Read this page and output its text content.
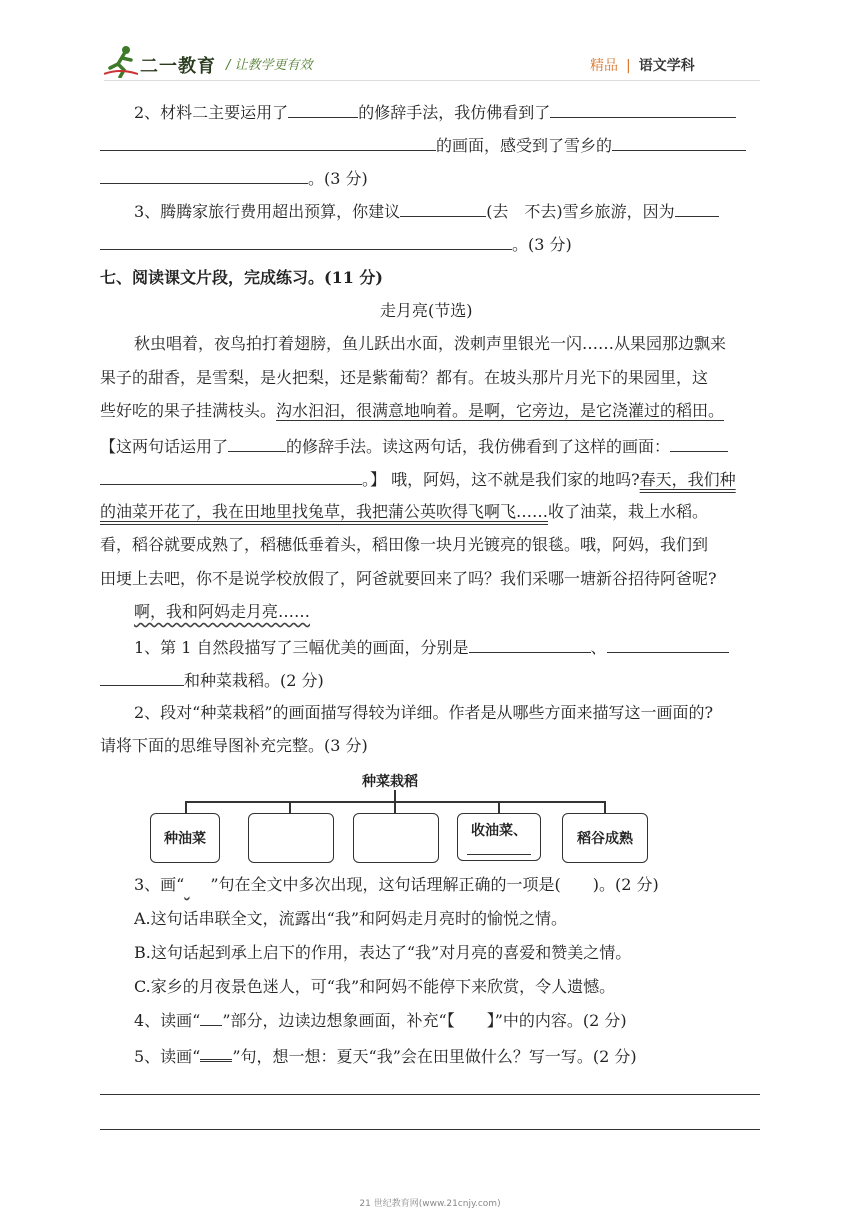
二一教育 / 让教学更有效	精品 | 语文学科
2、材料二主要运用了	的修辞手法，我仿佛看到了
的画面，感受到了雪乡的
。(3 分)
3、腾腾家旅行费用超出预算，你建议	(去　不去)雪乡旅游，因为
。(3 分)
七、阅读课文片段，完成练习。(11 分)
走月亮(节选)
秋虫唱着，夜鸟拍打着翅膀，鱼儿跃出水面，泼刺声里银光一闪……从果园那边飘来
果子的甜香，是雪梨，是火把梨，还是紫葡萄？都有。在坡头那片月光下的果园里，这
些好吃的果子挂满枝头。沟水汩汩，很满意地响着。是啊，它旁边，是它浇灌过的稻田。
【这两句话运用了	的修辞手法。读这两句话，我仿佛看到了这样的画面：
。】 哦，阿妈，这不就是我们家的地吗?春天，我们种
的油菜开花了，我在田地里找兔草，我把蒲公英吹得飞啊飞……收了油菜，栽上水稻。
看，稻谷就要成熟了，稻穗低垂着头，稻田像一块月光镀亮的银毯。哦，阿妈，我们到
田埂上去吧，你不是说学校放假了，阿爸就要回来了吗？我们采哪一塘新谷招待阿爸呢?
啊，我和阿妈走月亮……
1、第 1 自然段描写了三幅优美的画面，分别是	、
和种菜栽稻。(2 分)
2、段对“种菜栽稻”的画面描写得较为详细。作者是从哪些方面来描写这一画面的?
请将下面的思维导图补充完整。(3 分)
种菜栽稻
种油菜	收油菜、	稻谷成熟
3、画“ ”句在全文中多次出现，这句话理解正确的一项是(　　)。(2 分)
A.这句话串联全文，流露出“我”和阿妈走月亮时的愉悦之情。
B.这句话起到承上启下的作用，表达了“我”对月亮的喜爱和赞美之情。
C.家乡的月夜景色迷人，可“我”和阿妈不能停下来欣赏，令人遗憾。
4、读画“ ”部分，边读边想象画面，补充“【　　】”中的内容。(2 分)
5、读画“ ”句，想一想：夏天“我”会在田里做什么？写一写。(2 分)
21 世纪教育网(www.21cnjy.com)
